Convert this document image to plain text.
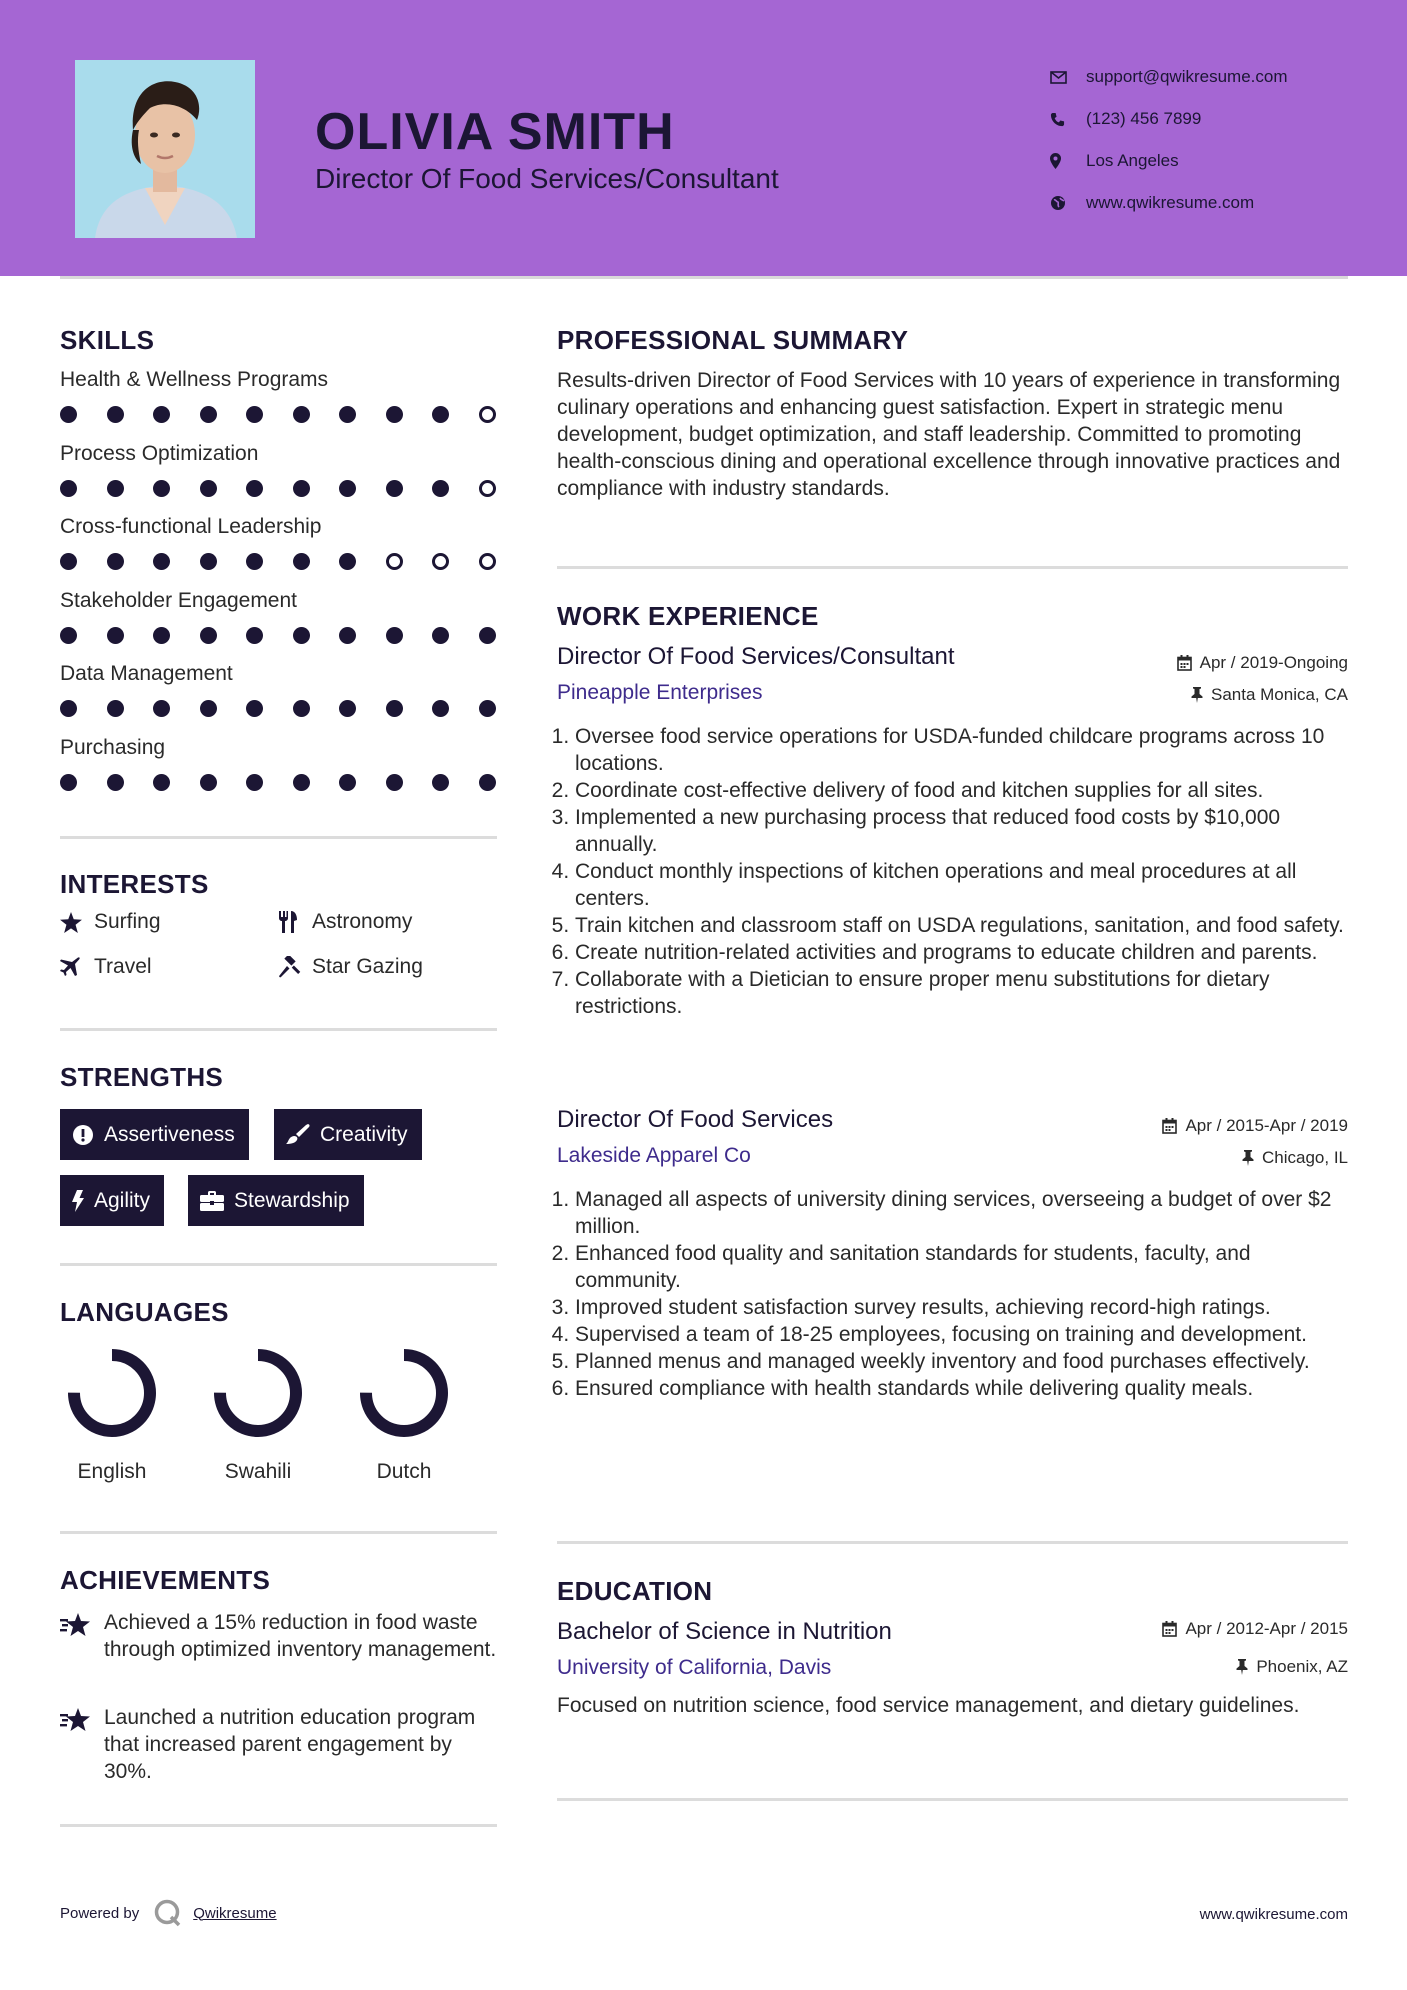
OLIVIA SMITH
Director Of Food Services/Consultant
support@qwikresume.com
(123) 456 7899
Los Angeles
www.qwikresume.com
SKILLS
Health & Wellness Programs
Process Optimization
Cross-functional Leadership
Stakeholder Engagement
Data Management
Purchasing
INTERESTS
Surfing	Astronomy
Travel	Star Gazing
STRENGTHS
Assertiveness	Creativity
Agility	Stewardship
LANGUAGES
English	Swahili	Dutch
ACHIEVEMENTS
Achieved a 15% reduction in food waste through optimized inventory management.
Launched a nutrition education program that increased parent engagement by 30%.
PROFESSIONAL SUMMARY
Results-driven Director of Food Services with 10 years of experience in transforming culinary operations and enhancing guest satisfaction. Expert in strategic menu development, budget optimization, and staff leadership. Committed to promoting health-conscious dining and operational excellence through innovative practices and compliance with industry standards.
WORK EXPERIENCE
Director Of Food Services/Consultant	Apr / 2019-Ongoing
Pineapple Enterprises	Santa Monica, CA
1. Oversee food service operations for USDA-funded childcare programs across 10 locations.
2. Coordinate cost-effective delivery of food and kitchen supplies for all sites.
3. Implemented a new purchasing process that reduced food costs by $10,000 annually.
4. Conduct monthly inspections of kitchen operations and meal procedures at all centers.
5. Train kitchen and classroom staff on USDA regulations, sanitation, and food safety.
6. Create nutrition-related activities and programs to educate children and parents.
7. Collaborate with a Dietician to ensure proper menu substitutions for dietary restrictions.
Director Of Food Services	Apr / 2015-Apr / 2019
Lakeside Apparel Co	Chicago, IL
1. Managed all aspects of university dining services, overseeing a budget of over $2 million.
2. Enhanced food quality and sanitation standards for students, faculty, and community.
3. Improved student satisfaction survey results, achieving record-high ratings.
4. Supervised a team of 18-25 employees, focusing on training and development.
5. Planned menus and managed weekly inventory and food purchases effectively.
6. Ensured compliance with health standards while delivering quality meals.
EDUCATION
Bachelor of Science in Nutrition	Apr / 2012-Apr / 2015
University of California, Davis	Phoenix, AZ
Focused on nutrition science, food service management, and dietary guidelines.
Powered by	Qwikresume	www.qwikresume.com
